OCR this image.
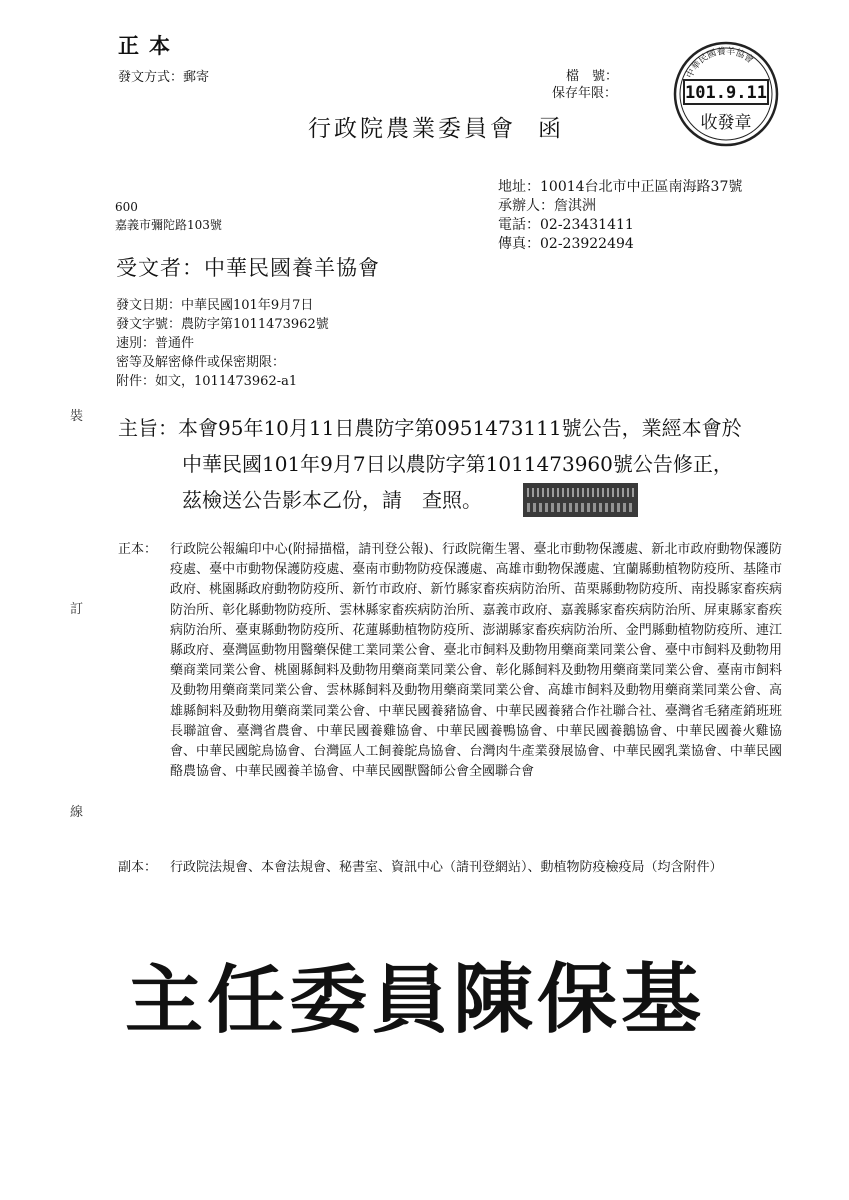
正本
發文方式：郵寄	檔　號：
保存年限：
中華民國養羊協會
101.9.11
收發章
行政院農業委員會 函
地址：10014台北市中正區南海路37號
承辦人：詹淇洲
電話：02-23431411
傳真：02-23922494
600
嘉義市彌陀路103號
受文者：中華民國養羊協會
發文日期：中華民國101年9月7日
發文字號：農防字第1011473962號
速別：普通件
密等及解密條件或保密期限：
附件：如文，1011473962-a1
裝
訂
線
主旨：本會95年10月11日農防字第0951473111號公告，業經本會於
中華民國101年9月7日以農防字第1011473960號公告修正，
茲檢送公告影本乙份，請　查照。
正本： 行政院公報編印中心(附掃描檔，請刊登公報)、行政院衛生署、臺北市動物保護處、新北市政府動物保護防疫處、臺中市動物保護防疫處、臺南市動物防疫保護處、高雄市動物保護處、宜蘭縣動植物防疫所、基隆市政府、桃園縣政府動物防疫所、新竹市政府、新竹縣家畜疾病防治所、苗栗縣動物防疫所、南投縣家畜疾病防治所、彰化縣動物防疫所、雲林縣家畜疾病防治所、嘉義市政府、嘉義縣家畜疾病防治所、屏東縣家畜疾病防治所、臺東縣動物防疫所、花蓮縣動植物防疫所、澎湖縣家畜疾病防治所、金門縣動植物防疫所、連江縣政府、臺灣區動物用醫藥保健工業同業公會、臺北市飼料及動物用藥商業同業公會、臺中市飼料及動物用藥商業同業公會、桃園縣飼料及動物用藥商業同業公會、彰化縣飼料及動物用藥商業同業公會、臺南市飼料及動物用藥商業同業公會、雲林縣飼料及動物用藥商業同業公會、高雄市飼料及動物用藥商業同業公會、高雄縣飼料及動物用藥商業同業公會、中華民國養豬協會、中華民國養豬合作社聯合社、臺灣省毛豬產銷班班長聯誼會、臺灣省農會、中華民國養雞協會、中華民國養鴨協會、中華民國養鵝協會、中華民國養火雞協會、中華民國鴕鳥協會、台灣區人工飼養鴕鳥協會、台灣肉牛產業發展協會、中華民國乳業協會、中華民國酪農協會、中華民國養羊協會、中華民國獸醫師公會全國聯合會
副本： 行政院法規會、本會法規會、秘書室、資訊中心（請刊登網站）、動植物防疫檢疫局（均含附件）
主任委員陳保基
